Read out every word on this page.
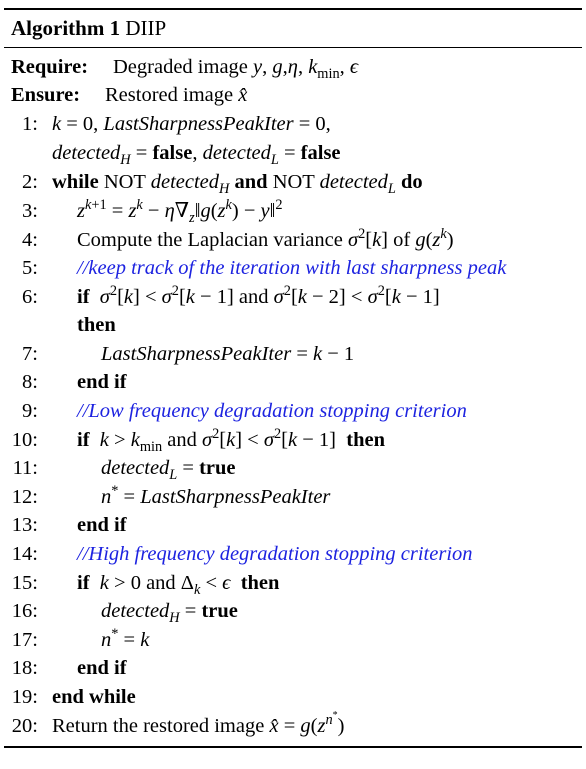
Algorithm 1 DIIP
Require: Degraded image y, g,η, $k_{min}$, ϵ
Ensure: Restored image x̂
1: k = 0, LastSharpnessPeakIter = 0,
detected$_H$ = false, detected$_L$ = false
2: while NOT detected$_H$ and NOT detected$_L$ do
3: $z^{k+1} = z^k$ − $\eta\nabla_z‖g(z^k)$ − y‖$^2$
4: Compute the Laplacian variance $\sigma^2[k]$ of $g(z^k)$
5: //keep track of the iteration with last sharpness peak
6: if $\sigma^2[k] < \sigma^2[k - 1]$ and $\sigma^2[k - 2] < \sigma^2[k - 1]$
then
7:	LastSharpnessPeakIter = k − 1
8: end if
9: //Low frequency degradation stopping criterion
10: if $k > k_{min}$ and $\sigma^2[k] < \sigma^2[k - 1]$  then
11:	detected$_L$ = true
12:	n* = LastSharpnessPeakIter
13: end if
14: //High frequency degradation stopping criterion
15: if k > 0 and $\Delta_k < \epsilon$ then
16:	detected$_H$ = true
17:	n* = k
18: end if
19: end while
20: Return the restored image x̂ = $g(z^{n^*})$
